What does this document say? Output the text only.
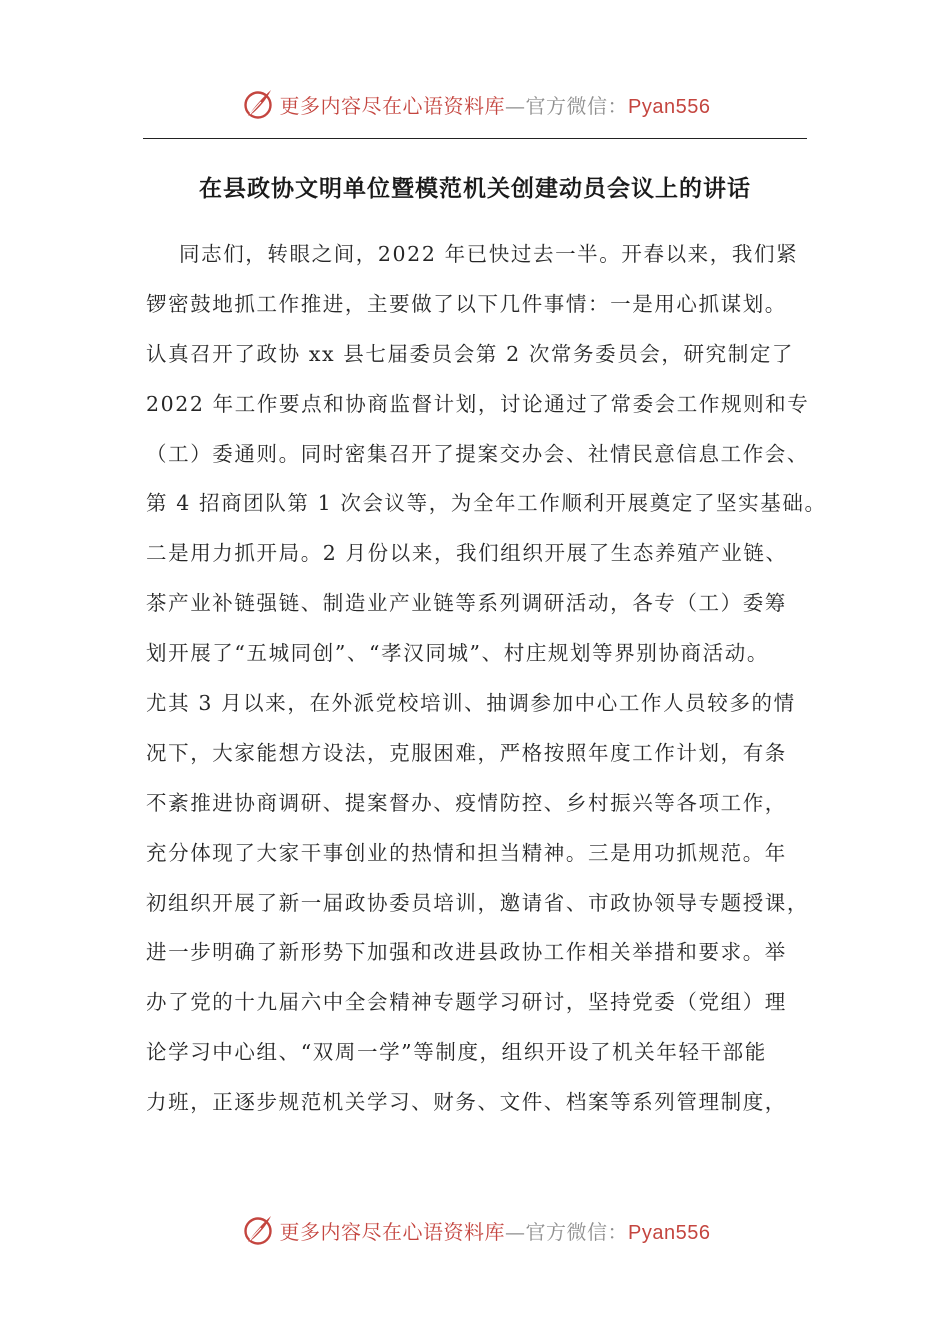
更多内容尽在心语资料库—官方微信：Pyan556
在县政协文明单位暨模范机关创建动员会议上的讲话
同志们，转眼之间，2022 年已快过去一半。开春以来，我们紧
锣密鼓地抓工作推进，主要做了以下几件事情：一是用心抓谋划。
认真召开了政协 xx 县七届委员会第 2 次常务委员会，研究制定了
2022 年工作要点和协商监督计划，讨论通过了常委会工作规则和专
（工）委通则。同时密集召开了提案交办会、社情民意信息工作会、
第 4 招商团队第 1 次会议等，为全年工作顺利开展奠定了坚实基础。
二是用力抓开局。2 月份以来，我们组织开展了生态养殖产业链、
茶产业补链强链、制造业产业链等系列调研活动，各专（工）委筹
划开展了“五城同创”、“孝汉同城”、村庄规划等界别协商活动。
尤其 3 月以来，在外派党校培训、抽调参加中心工作人员较多的情
况下，大家能想方设法，克服困难，严格按照年度工作计划，有条
不紊推进协商调研、提案督办、疫情防控、乡村振兴等各项工作，
充分体现了大家干事创业的热情和担当精神。三是用功抓规范。年
初组织开展了新一届政协委员培训，邀请省、市政协领导专题授课，
进一步明确了新形势下加强和改进县政协工作相关举措和要求。举
办了党的十九届六中全会精神专题学习研讨，坚持党委（党组）理
论学习中心组、“双周一学”等制度，组织开设了机关年轻干部能
力班，正逐步规范机关学习、财务、文件、档案等系列管理制度，
更多内容尽在心语资料库—官方微信：Pyan556
